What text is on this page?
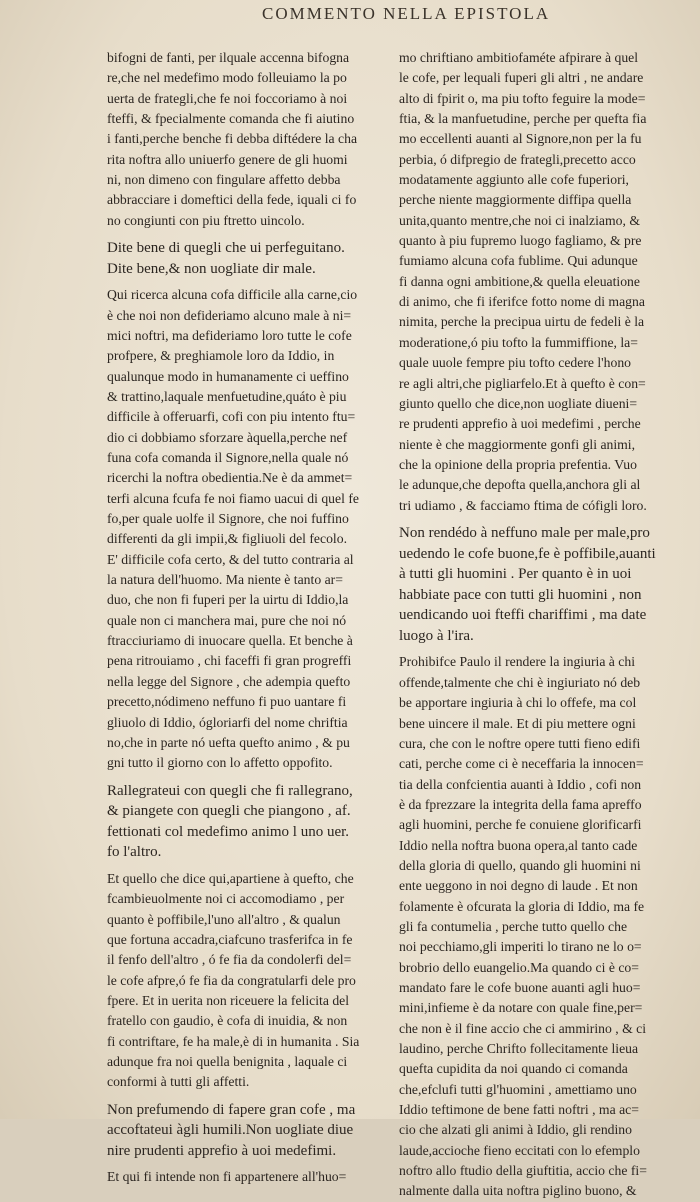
COMMENTO NELLA EPISTOLA

bifogni de fanti, per ilquale accenna bifogna
re,che nel medefimo modo folleuiamo la po
uerta de frategli,che fe noi foccoriamo à noi
fteffi, & fpecialmente comanda che fi aiutino
i fanti,perche benche fi debba diftédere la cha
rita noftra allo uniuerfo genere de gli huomi
ni, non dimeno con fingulare affetto debba
abbracciare i domeftici della fede, iquali ci fo
no congiunti con piu ftretto uincolo.

Dite bene di quegli che ui perfeguitano.
Dite bene,& non uogliate dir male.

Qui ricerca alcuna cofa difficile alla carne,cio
è che noi non defideriamo alcuno male à ni=
mici noftri, ma defideriamo loro tutte le cofe
profpere, & preghiamole loro da Iddio, in
qualunque modo in humanamente ci ueffino
& trattino,laquale menfuetudine,quáto è piu
difficile à offeruarfi, cofi con piu intento ftu=
dio ci dobbiamo sforzare àquella,perche nef
funa cofa comanda il Signore,nella quale nó
ricerchi la noftra obedientia.Ne è da ammet=
terfi alcuna fcufa fe noi fiamo uacui di quel fe
fo,per quale uolfe il Signore, che noi fuffino
differenti da gli impii,& figliuoli del fecolo.
E' difficile cofa certo, & del tutto contraria al
la natura dell'huomo. Ma niente è tanto ar=
duo, che non fi fuperi per la uirtu di Iddio,la
quale non ci manchera mai, pure che noi nó
ftracciuriamo di inuocare quella. Et benche à
pena ritrouiamo , chi faceffi fi gran progreffi
nella legge del Signore , che adempia quefto
precetto,nódimeno neffuno fi puo uantare fi
gliuolo di Iddio, ógloriarfi del nome chriftia
no,che in parte nó uefta quefto animo , & pu
gni tutto il giorno con lo affetto oppofito.

Rallegrateui con quegli che fi rallegrano,
& piangete con quegli che piangono , af.
fettionati col medefimo animo l uno uer.
fo l'altro.

Et quello che dice qui,apartiene à quefto, che
fcambieuolmente noi ci accomodiamo , per
quanto è poffibile,l'uno all'altro , & qualun
que fortuna accadra,ciafcuno trasferifca in fe
il fenfo dell'altro , ó fe fia da condolerfi del=
le cofe afpre,ó fe fia da congratularfi dele pro
fpere. Et in uerita non riceuere la felicita del
fratello con gaudio, è cofa di inuidia, & non
fi contriftare, fe ha male,è di in humanita . Sia
adunque fra noi quella benignita , laquale ci
conformi à tutti gli affetti.

Non prefumendo di fapere gran cofe , ma
accoftateui àgli humili.Non uogliate diue
nire prudenti apprefio à uoi medefimi.

Et qui fi intende non fi appartenere all'huo=

mo chriftiano ambitiofaméte afpirare à quel
le cofe, per lequali fuperi gli altri , ne andare
alto di fpirit o, ma piu tofto feguire la mode=
ftia, & la manfuetudine, perche per quefta fia
mo eccellenti auanti al Signore,non per la fu
perbia, ó difpregio de frategli,precetto acco
modatamente aggiunto alle cofe fuperiori,
perche niente maggiormente diffipa quella
unita,quanto mentre,che noi ci inalziamo, &
quanto à piu fupremo luogo fagliamo, & pre
fumiamo alcuna cofa fublime. Qui adunque
fi danna ogni ambitione,& quella eleuatione
di animo, che fi iferifce fotto nome di magna
nimita, perche la precipua uirtu de fedeli è la
moderatione,ó piu tofto la fummiffione, la=
quale uuole fempre piu tofto cedere l'hono
re agli altri,che pigliarfelo.Et à quefto è con=
giunto quello che dice,non uogliate diueni=
re prudenti apprefio à uoi medefimi , perche
niente è che maggiormente gonfi gli animi,
che la opinione della propria prefentia. Vuo
le adunque,che depofta quella,anchora gli al
tri udiamo , & facciamo ftima de cófigli loro.

Non rendédo à neffuno male per male,pro
uedendo le cofe buone,fe è poffibile,auanti
à tutti gli huomini . Per quanto è in uoi
habbiate pace con tutti gli huomini , non
uendicando uoi fteffi chariffimi , ma date
luogo à l'ira.

Prohibifce Paulo il rendere la ingiuria à chi
offende,talmente che chi è ingiuriato nó deb
be apportare ingiuria à chi lo offefe, ma col
bene uincere il male. Et di piu mettere ogni
cura, che con le noftre opere tutti fieno edifi
cati, perche come ci è neceffaria la innocen=
tia della confcientia auanti à Iddio , cofi non
è da fprezzare la integrita della fama apreffo
agli huomini, perche fe conuiene glorificarfi
Iddio nella noftra buona opera,al tanto cade
della gloria di quello, quando gli huomini ni
ente ueggono in noi degno di laude . Et non
folamente è ofcurata la gloria di Iddio, ma fe
gli fa contumelia , perche tutto quello che
noi pecchiamo,gli imperiti lo tirano ne lo o=
brobrio dello euangelio.Ma quando ci è co=
mandato fare le cofe buone auanti agli huo=
mini,infieme è da notare con quale fine,per=
che non è il fine accio che ci ammirino , & ci
laudino, perche Chrifto follecitamente lieua
quefta cupidita da noi quando ci comanda
che,efclufi tutti gl'huomini , amettiamo uno
Iddio teftimone de bene fatti noftri , ma ac=
cio che alzati gli animi à Iddio, gli rendino
laude,accioche fieno eccitati con lo efemplo
noftro allo ftudio della giuftitia, accio che fi=
nalmente dalla uita noftra piglino buono, &
